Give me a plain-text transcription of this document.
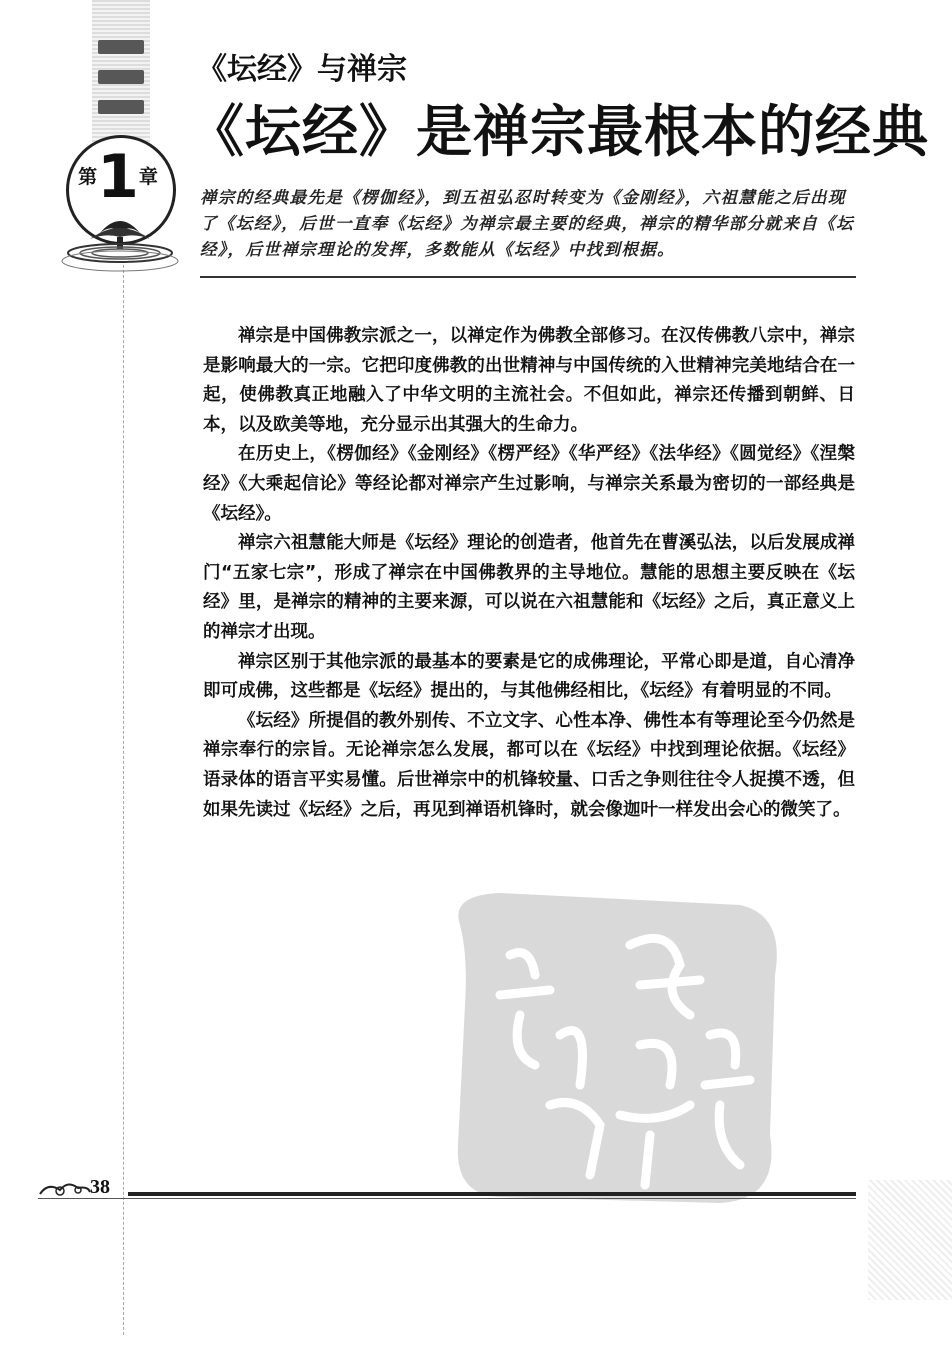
第1章
《坛经》与禅宗
《坛经》是禅宗最根本的经典
禅宗的经典最先是《楞伽经》，到五祖弘忍时转变为《金刚经》，六祖慧能之后出现了《坛经》，后世一直奉《坛经》为禅宗最主要的经典，禅宗的精华部分就来自《坛经》，后世禅宗理论的发挥，多数能从《坛经》中找到根据。

禅宗是中国佛教宗派之一，以禅定作为佛教全部修习。在汉传佛教八宗中，禅宗是影响最大的一宗。它把印度佛教的出世精神与中国传统的入世精神完美地结合在一起，使佛教真正地融入了中华文明的主流社会。不但如此，禅宗还传播到朝鲜、日本，以及欧美等地，充分显示出其强大的生命力。

在历史上，《楞伽经》《金刚经》《楞严经》《华严经》《法华经》《圆觉经》《涅槃经》《大乘起信论》等经论都对禅宗产生过影响，与禅宗关系最为密切的一部经典是《坛经》。

禅宗六祖慧能大师是《坛经》理论的创造者，他首先在曹溪弘法，以后发展成禅门“五家七宗”，形成了禅宗在中国佛教界的主导地位。慧能的思想主要反映在《坛经》里，是禅宗的精神的主要来源，可以说在六祖慧能和《坛经》之后，真正意义上的禅宗才出现。

禅宗区别于其他宗派的最基本的要素是它的成佛理论，平常心即是道，自心清净即可成佛，这些都是《坛经》提出的，与其他佛经相比，《坛经》有着明显的不同。

《坛经》所提倡的教外别传、不立文字、心性本净、佛性本有等理论至今仍然是禅宗奉行的宗旨。无论禅宗怎么发展，都可以在《坛经》中找到理论依据。《坛经》语录体的语言平实易懂。后世禅宗中的机锋较量、口舌之争则往往令人捉摸不透，但如果先读过《坛经》之后，再见到禅语机锋时，就会像迦叶一样发出会心的微笑了。

38
